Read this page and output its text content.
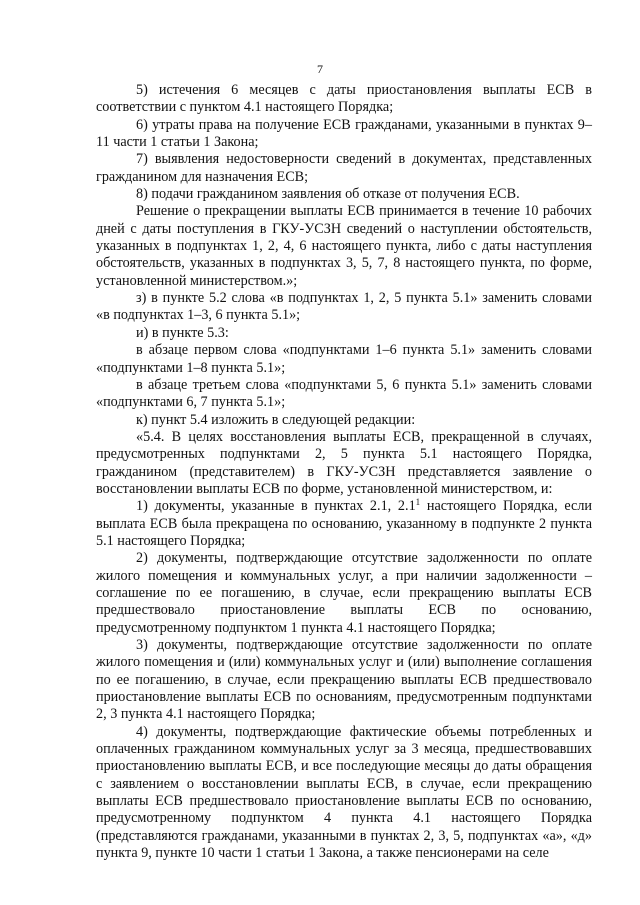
7

5) истечения 6 месяцев с даты приостановления выплаты ЕСВ в соответствии с пунктом 4.1 настоящего Порядка;

6) утраты права на получение ЕСВ гражданами, указанными в пунктах 9–11 части 1 статьи 1 Закона;

7) выявления недостоверности сведений в документах, представленных гражданином для назначения ЕСВ;

8) подачи гражданином заявления об отказе от получения ЕСВ.

Решение о прекращении выплаты ЕСВ принимается в течение 10 рабочих дней с даты поступления в ГКУ-УСЗН сведений о наступлении обстоятельств, указанных в подпунктах 1, 2, 4, 6 настоящего пункта, либо с даты наступления обстоятельств, указанных в подпунктах 3, 5, 7, 8 настоящего пункта, по форме, установленной министерством.»;

з) в пункте 5.2 слова «в подпунктах 1, 2, 5 пункта 5.1» заменить словами «в подпунктах 1–3, 6 пункта 5.1»;

и) в пункте 5.3:

в абзаце первом слова «подпунктами 1–6 пункта 5.1» заменить словами «подпунктами 1–8 пункта 5.1»;

в абзаце третьем слова «подпунктами 5, 6 пункта 5.1» заменить словами «подпунктами 6, 7 пункта 5.1»;

к) пункт 5.4 изложить в следующей редакции:

«5.4. В целях восстановления выплаты ЕСВ, прекращенной в случаях, предусмотренных подпунктами 2, 5 пункта 5.1 настоящего Порядка, гражданином (представителем) в ГКУ-УСЗН представляется заявление о восстановлении выплаты ЕСВ по форме, установленной министерством, и:

1) документы, указанные в пунктах 2.1, $2.1^1$ настоящего Порядка, если выплата ЕСВ была прекращена по основанию, указанному в подпункте 2 пункта 5.1 настоящего Порядка;

2) документы, подтверждающие отсутствие задолженности по оплате жилого помещения и коммунальных услуг, а при наличии задолженности – соглашение по ее погашению, в случае, если прекращению выплаты ЕСВ предшествовало приостановление выплаты ЕСВ по основанию, предусмотренному подпунктом 1 пункта 4.1 настоящего Порядка;

3) документы, подтверждающие отсутствие задолженности по оплате жилого помещения и (или) коммунальных услуг и (или) выполнение соглашения по ее погашению, в случае, если прекращению выплаты ЕСВ предшествовало приостановление выплаты ЕСВ по основаниям, предусмотренным подпунктами 2, 3 пункта 4.1 настоящего Порядка;

4) документы, подтверждающие фактические объемы потребленных и оплаченных гражданином коммунальных услуг за 3 месяца, предшествовавших приостановлению выплаты ЕСВ, и все последующие месяцы до даты обращения с заявлением о восстановлении выплаты ЕСВ, в случае, если прекращению выплаты ЕСВ предшествовало приостановление выплаты ЕСВ по основанию, предусмотренному подпунктом 4 пункта 4.1 настоящего Порядка (представляются гражданами, указанными в пунктах 2, 3, 5, подпунктах «а», «д» пункта 9, пункте 10 части 1 статьи 1 Закона, а также пенсионерами на селе
